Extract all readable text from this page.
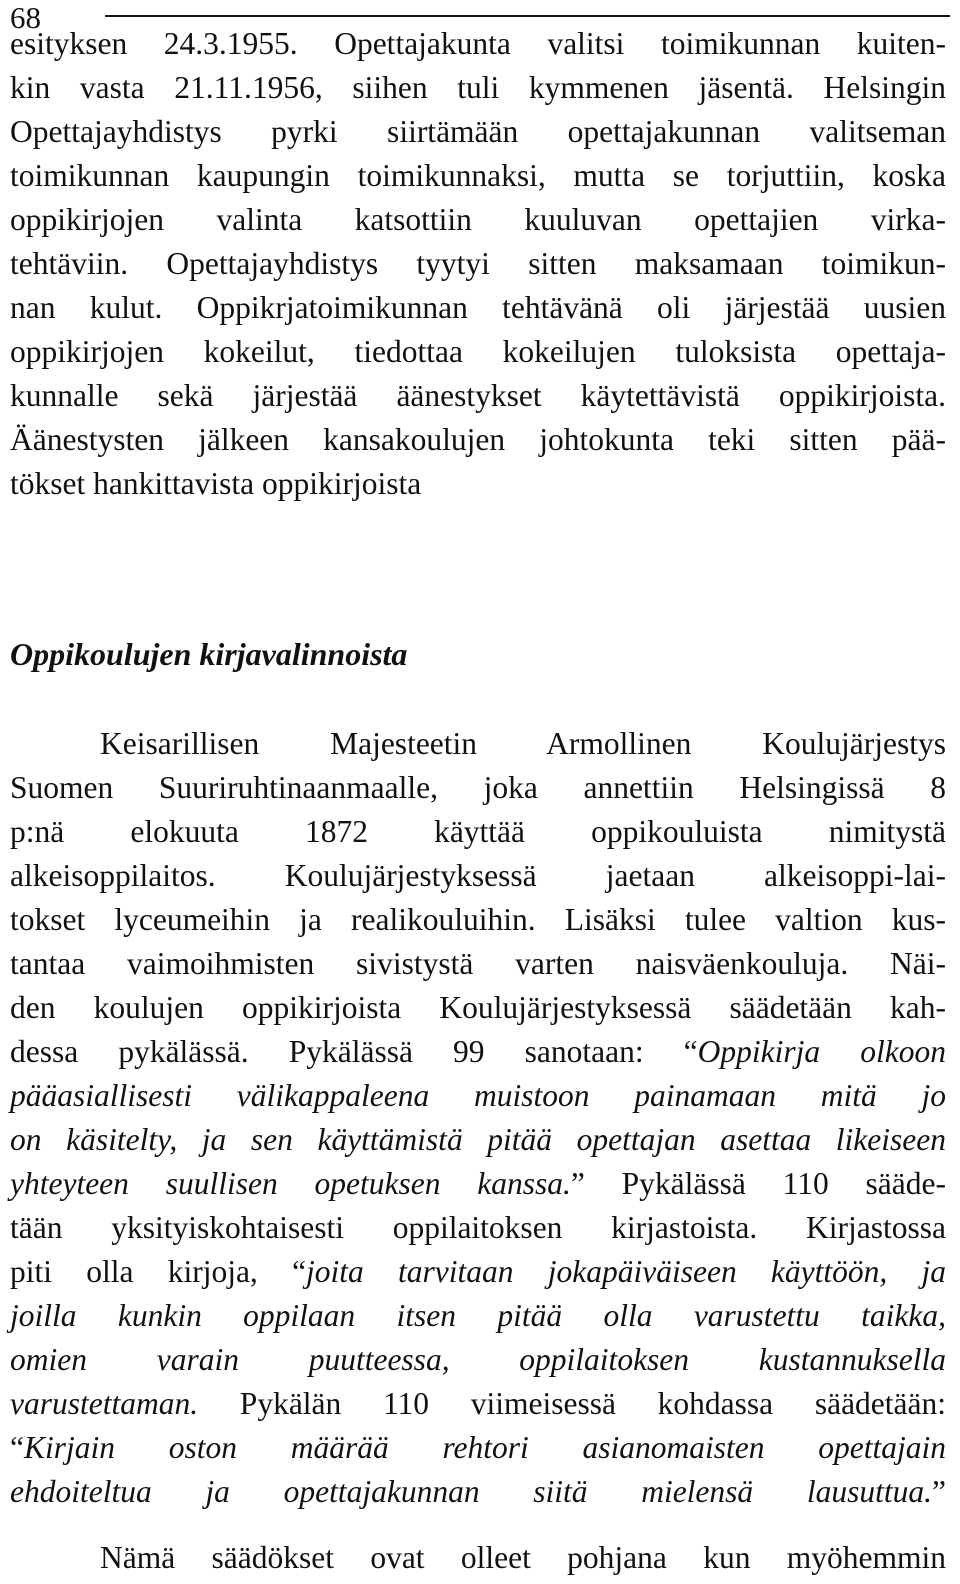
68
esityksen 24.3.1955. Opettajakunta valitsi toimikunnan kuiten-
kin vasta 21.11.1956, siihen tuli kymmenen jäsentä. Helsingin
Opettajayhdistys pyrki siirtämään opettajakunnan valitseman
toimikunnan kaupungin toimikunnaksi, mutta se torjuttiin, koska
oppikirjojen valinta katsottiin kuuluvan opettajien virka-
tehtäviin. Opettajayhdistys tyytyi sitten maksamaan toimikun-
nan kulut. Oppikrjatoimikunnan tehtävänä oli järjestää uusien
oppikirjojen kokeilut, tiedottaa kokeilujen tuloksista opettaja-
kunnalle sekä järjestää äänestykset käytettävistä oppikirjoista.
Äänestysten jälkeen kansakoulujen johtokunta teki sitten pää-
tökset hankittavista oppikirjoista
Oppikoulujen kirjavalinnoista
Keisarillisen Majesteetin Armollinen Koulujärjestys
Suomen Suuriruhtinaanmaalle, joka annettiin Helsingissä 8
p:nä elokuuta 1872 käyttää oppikouluista nimitystä
alkeisoppilaitos. Koulujärjestyksessä jaetaan alkeisoppi-lai-
tokset lyceumeihin ja realikouluihin. Lisäksi tulee valtion kus-
tantaa vaimoihmisten sivistystä varten naisväenkouluja. Näi-
den koulujen oppikirjoista Koulujärjestyksessä säädetään kah-
dessa pykälässä. Pykälässä 99 sanotaan: “Oppikirja olkoon
pääasiallisesti välikappaleena muistoon painamaan mitä jo
on käsitelty, ja sen käyttämistä pitää opettajan asettaa likeiseen
yhteyteen suullisen opetuksen kanssa.” Pykälässä 110 sääde-
tään yksityiskohtaisesti oppilaitoksen kirjastoista. Kirjastossa
piti olla kirjoja, “joita tarvitaan jokapäiväiseen käyttöön, ja
joilla kunkin oppilaan itsen pitää olla varustettu taikka,
omien varain puutteessa, oppilaitoksen kustannuksella
varustettaman. Pykälän 110 viimeisessä kohdassa säädetään:
“Kirjain oston määrää rehtori asianomaisten opettajain
ehdoiteltua ja opettajakunnan siitä mielensä lausuttua.”
Nämä säädökset ovat olleet pohjana kun myöhemmin
